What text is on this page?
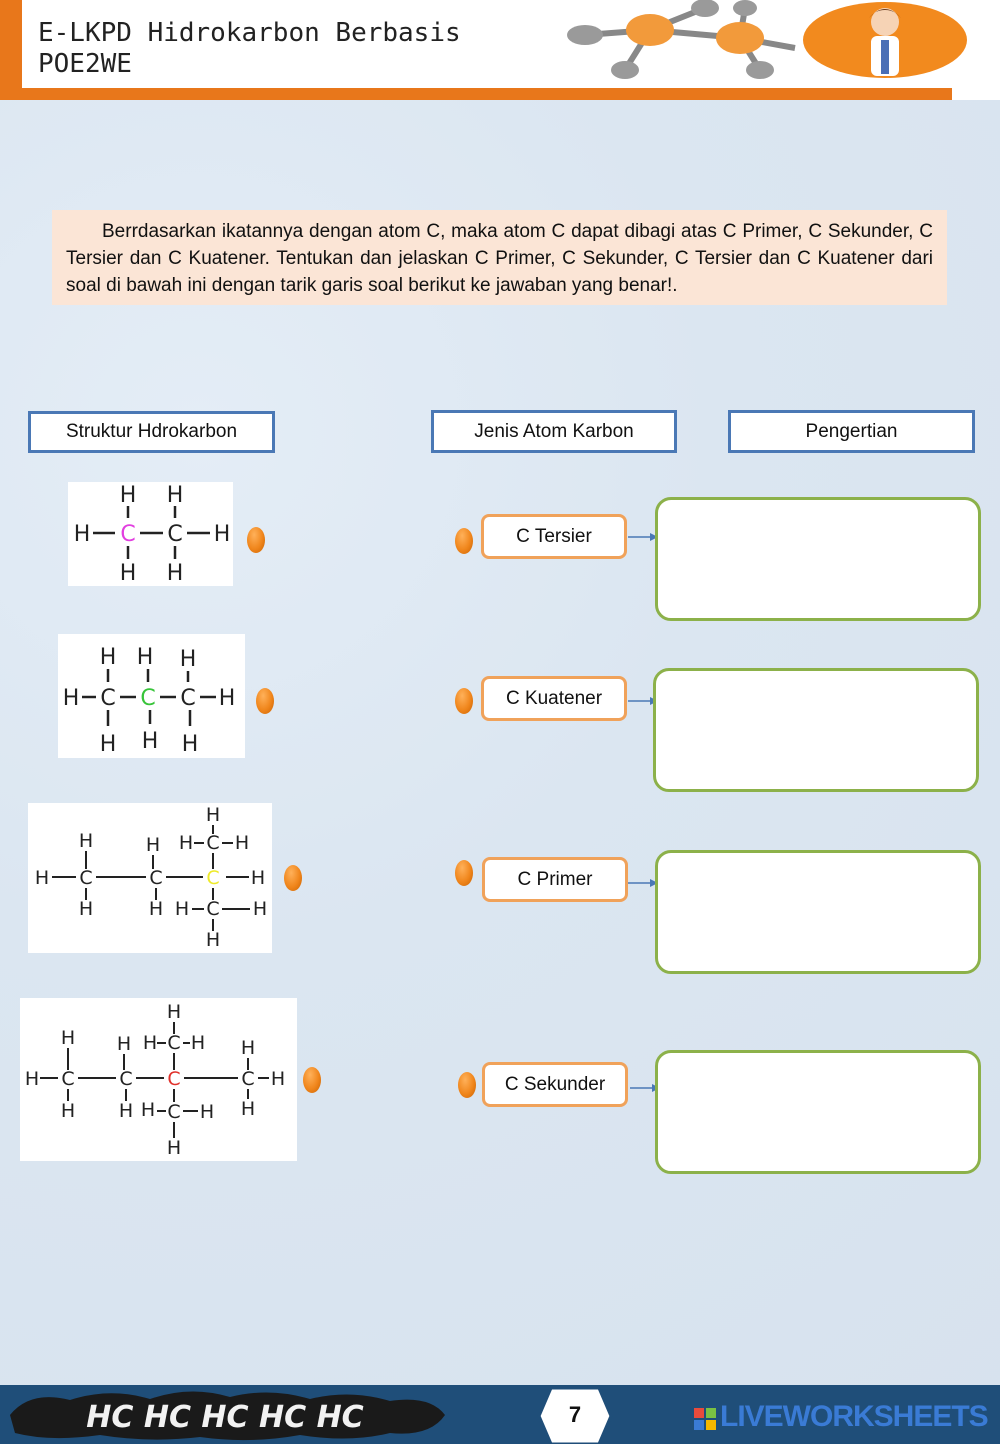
E-LKPD Hidrokarbon Berbasis
POE2WE

Berrdasarkan ikatannya dengan atom C, maka atom C dapat dibagi atas C Primer, C Sekunder, C Tersier dan C Kuatener. Tentukan dan jelaskan C Primer, C Sekunder, C Tersier dan C Kuatener dari soal di bawah ini dengan tarik garis soal berikut ke jawaban yang benar!.

Struktur Hdrokarbon	Jenis Atom Karbon	Pengertian
H H
H C C H
H H
H H H
H C C C H
H H H
H
H	H H C H
H C	C C H
H	H H C H
H
H
H H H C H H
H C C C	C H
H H H C H H
H
C Tersier
C Kuatener
C Primer
C Sekunder
HC HC HC HC HC	7	LIVEWORKSHEETS
